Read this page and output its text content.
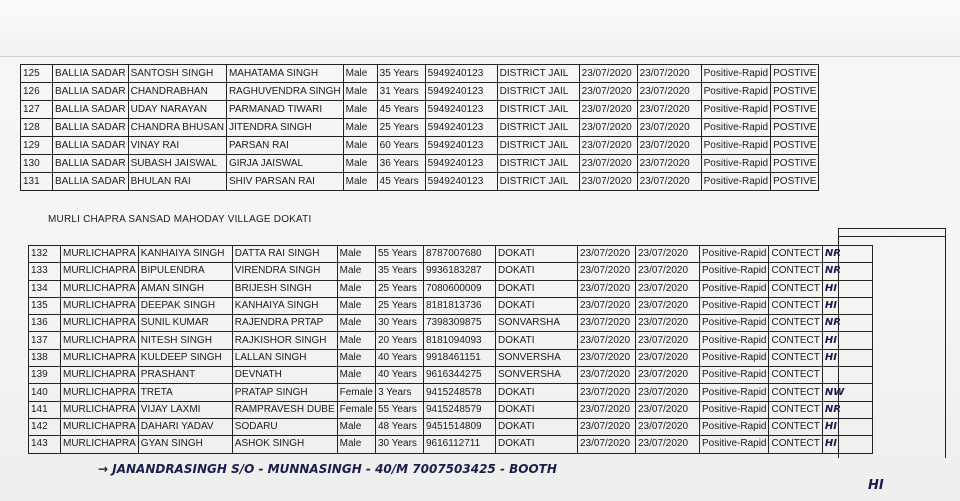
125	BALLIA SADAR	SANTOSH SINGH	MAHATAMA SINGH	Male	35 Years	5949240123	DISTRICT JAIL	23/07/2020	23/07/2020	Positive-Rapid	POSTIVE
126	BALLIA SADAR	CHANDRABHAN	RAGHUVENDRA SINGH	Male	31 Years	5949240123	DISTRICT JAIL	23/07/2020	23/07/2020	Positive-Rapid	POSTIVE
127	BALLIA SADAR	UDAY NARAYAN	PARMANAD TIWARI	Male	45 Years	5949240123	DISTRICT JAIL	23/07/2020	23/07/2020	Positive-Rapid	POSTIVE
128	BALLIA SADAR	CHANDRA BHUSAN	JITENDRA SINGH	Male	25 Years	5949240123	DISTRICT JAIL	23/07/2020	23/07/2020	Positive-Rapid	POSTIVE
129	BALLIA SADAR	VINAY RAI	PARSAN RAI	Male	60 Years	5949240123	DISTRICT JAIL	23/07/2020	23/07/2020	Positive-Rapid	POSTIVE
130	BALLIA SADAR	SUBASH JAISWAL	GIRJA JAISWAL	Male	36 Years	5949240123	DISTRICT JAIL	23/07/2020	23/07/2020	Positive-Rapid	POSTIVE
131	BALLIA SADAR	BHULAN RAI	SHIV PARSAN RAI	Male	45 Years	5949240123	DISTRICT JAIL	23/07/2020	23/07/2020	Positive-Rapid	POSTIVE
MURLI CHAPRA SANSAD MAHODAY VILLAGE DOKATI
132	MURLICHAPRA	KANHAIYA SINGH	DATTA RAI SINGH	Male	55 Years	8787007680	DOKATI	23/07/2020	23/07/2020	Positive-Rapid	CONTECT	NR
133	MURLICHAPRA	BIPULENDRA	VIRENDRA SINGH	Male	35 Years	9936183287	DOKATI	23/07/2020	23/07/2020	Positive-Rapid	CONTECT	NR
134	MURLICHAPRA	AMAN SINGH	BRIJESH SINGH	Male	25 Years	7080600009	DOKATI	23/07/2020	23/07/2020	Positive-Rapid	CONTECT	HI
135	MURLICHAPRA	DEEPAK SINGH	KANHAIYA SINGH	Male	25 Years	8181813736	DOKATI	23/07/2020	23/07/2020	Positive-Rapid	CONTECT	HI
136	MURLICHAPRA	SUNIL KUMAR	RAJENDRA PRTAP	Male	30 Years	7398309875	SONVARSHA	23/07/2020	23/07/2020	Positive-Rapid	CONTECT	NR
137	MURLICHAPRA	NITESH SINGH	RAJKISHOR SINGH	Male	20 Years	8181094093	DOKATI	23/07/2020	23/07/2020	Positive-Rapid	CONTECT	HI
138	MURLICHAPRA	KULDEEP SINGH	LALLAN SINGH	Male	40 Years	9918461151	SONVERSHA	23/07/2020	23/07/2020	Positive-Rapid	CONTECT	HI
139	MURLICHAPRA	PRASHANT	DEVNATH	Male	40 Years	9616344275	SONVERSHA	23/07/2020	23/07/2020	Positive-Rapid	CONTECT	
140	MURLICHAPRA	TRETA	PRATAP SINGH	Female	3 Years	9415248578	DOKATI	23/07/2020	23/07/2020	Positive-Rapid	CONTECT	NW
141	MURLICHAPRA	VIJAY LAXMI	RAMPRAVESH DUBE	Female	55 Years	9415248579	DOKATI	23/07/2020	23/07/2020	Positive-Rapid	CONTECT	NR
142	MURLICHAPRA	DAHARI YADAV	SODARU	Male	48 Years	9451514809	DOKATI	23/07/2020	23/07/2020	Positive-Rapid	CONTECT	HI
143	MURLICHAPRA	GYAN SINGH	ASHOK SINGH	Male	30 Years	9616112711	DOKATI	23/07/2020	23/07/2020	Positive-Rapid	CONTECT	HI
→ JANANDRASINGH S/O - MUNNASINGH - 40/M 7007503425 - BOOTH
HI
